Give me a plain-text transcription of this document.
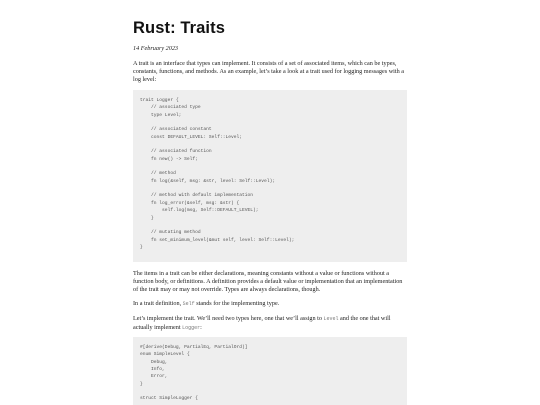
Rust: Traits
14 February 2023

A trait is an interface that types can implement. It consists of a set of associated items, which can be types, constants, functions, and methods. As an example, let’s take a look at a trait used for logging messages with a log level:

trait Logger {
// associated type
type Level;

// associated constant
const DEFAULT_LEVEL: Self::Level;

// associated function
fn new() -> Self;

// method
fn log(&self, msg: &str, level: Self::Level);

// method with default implementation
fn log_error(&self, msg: &str) {
self.log(msg, Self::DEFAULT_LEVEL);
}

// mutating method
fn set_minimum_level(&mut self, level: Self::Level);
}

The items in a trait can be either declarations, meaning constants without a value or functions without a function body, or definitions. A definition provides a default value or implementation that an implementation of the trait may or may not override. Types are always declarations, though.

In a trait definition, Self stands for the implementing type.

Let’s implement the trait. We’ll need two types here, one that we’ll assign to Level and the one that will actually implement Logger:

#[derive(Debug, PartialEq, PartialOrd)]
enum SimpleLevel {
Debug,
Info,
Error,
}

struct SimpleLogger {
